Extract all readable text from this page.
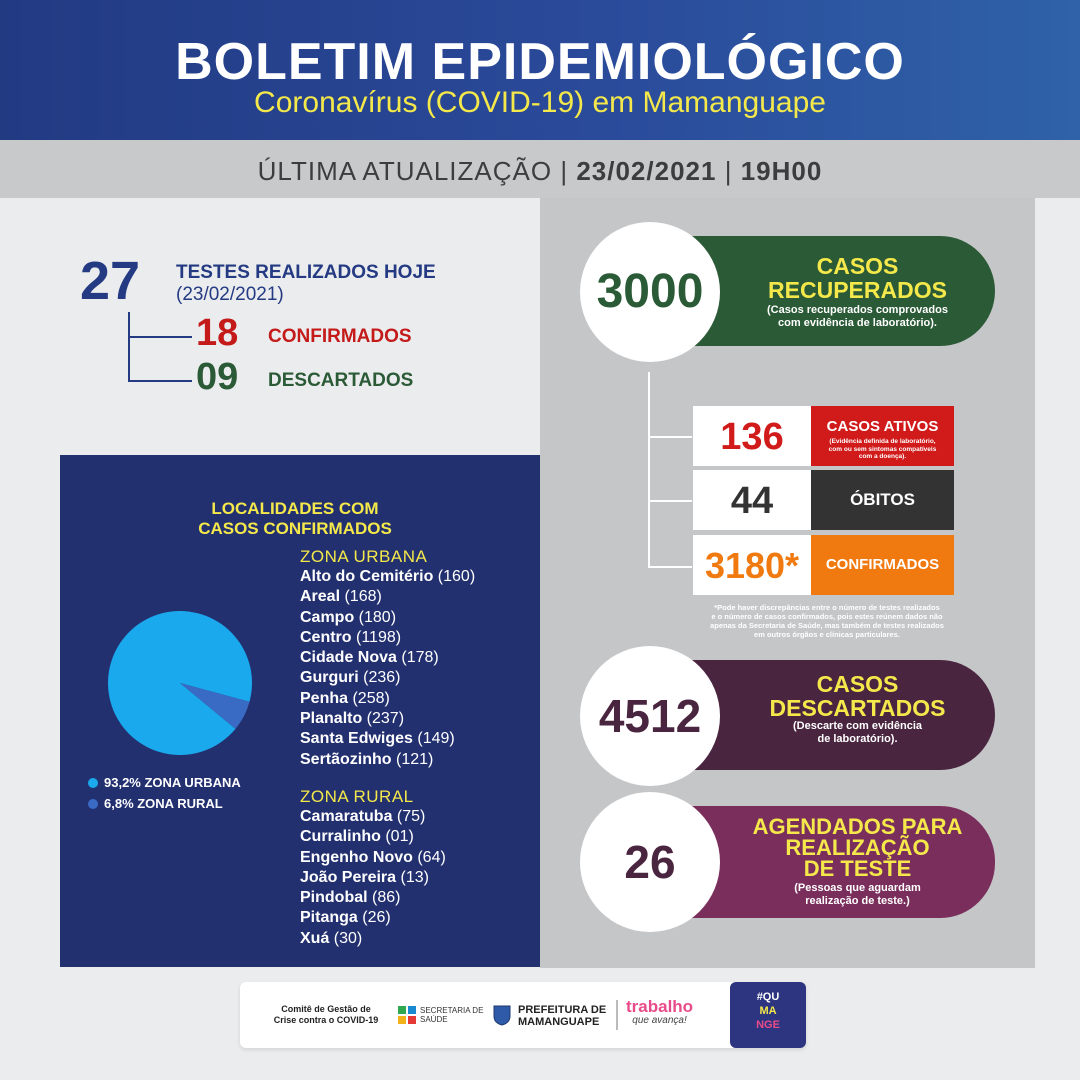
BOLETIM EPIDEMIOLÓGICO
Coronavírus (COVID-19) em Mamanguape
ÚLTIMA ATUALIZAÇÃO | 23/02/2021 | 19H00
27 TESTES REALIZADOS HOJE
(23/02/2021)
18 CONFIRMADOS
09 DESCARTADOS
LOCALIDADES COM
CASOS CONFIRMADOS
ZONA URBANA
Alto do Cemitério (160)
Areal (168)
Campo (180)
Centro (1198)
Cidade Nova (178)
Gurguri (236)
Penha (258)
Planalto (237)
Santa Edwiges (149)
Sertãozinho (121)
ZONA RURAL
Camaratuba (75)
Curralinho (01)
Engenho Novo (64)
João Pereira (13)
Pindobal (86)
Pitanga (26)
Xuá (30)
93,2% ZONA URBANA
6,8% ZONA RURAL
CASOS
RECUPERADOS
(Casos recuperados comprovados
com evidência de laboratório).
3000
136	CASOS ATIVOS
(Evidência definida de laboratório,
com ou sem sintomas compatíveis
com a doença).
44	ÓBITOS
3180*	CONFIRMADOS
*Pode haver discrepâncias entre o número de testes realizados
e o número de casos confirmados, pois estes reúnem dados não
apenas da Secretaria de Saúde, mas também de testes realizados
em outros órgãos e clínicas particulares.
CASOS
DESCARTADOS
(Descarte com evidência
de laboratório).
4512
AGENDADOS PARA
REALIZAÇÃO
DE TESTE
(Pessoas que aguardam
realização de teste.)
26
Comitê de Gestão de
Crise contra o COVID-19
SECRETARIA DE
SAÚDE
PREFEITURA DE
MAMANGUAPE
trabalho
que avança!
#QU
MA
NGE
